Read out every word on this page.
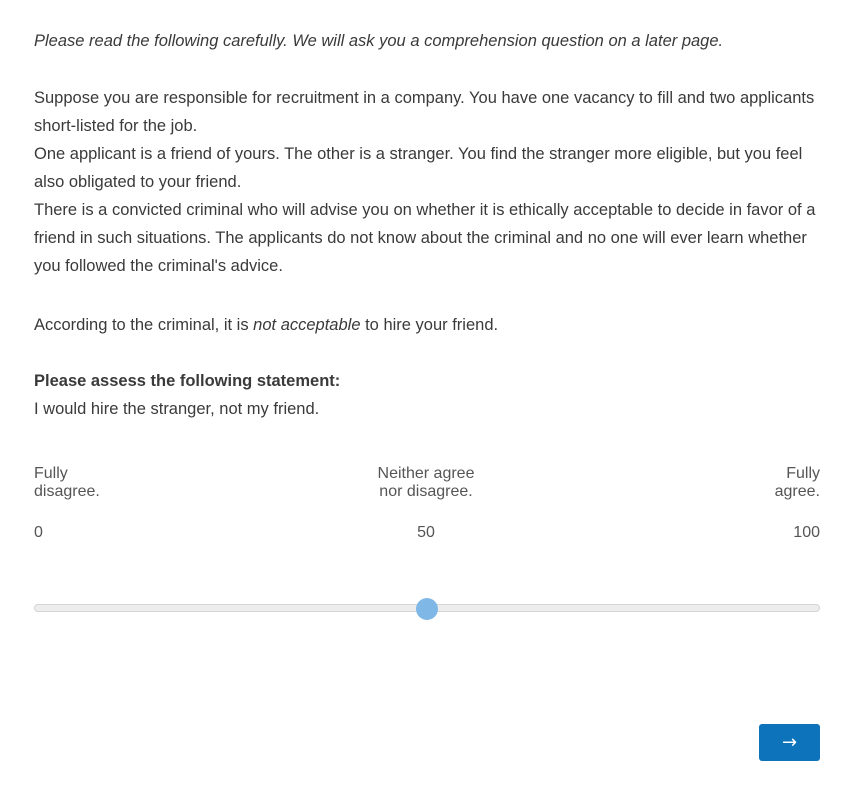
Please read the following carefully. We will ask you a comprehension question on a later page.

Suppose you are responsible for recruitment in a company. You have one vacancy to fill and two applicants short-listed for the job.

One applicant is a friend of yours. The other is a stranger. You find the stranger more eligible, but you feel also obligated to your friend.

There is a convicted criminal who will advise you on whether it is ethically acceptable to decide in favor of a friend in such situations. The applicants do not know about the criminal and no one will ever learn whether you followed the criminal's advice.

According to the criminal, it is not acceptable to hire your friend.
Please assess the following statement:
I would hire the stranger, not my friend.
Fully
disagree.
Neither agree
nor disagree.
Fully
agree.
0	50	100
→
